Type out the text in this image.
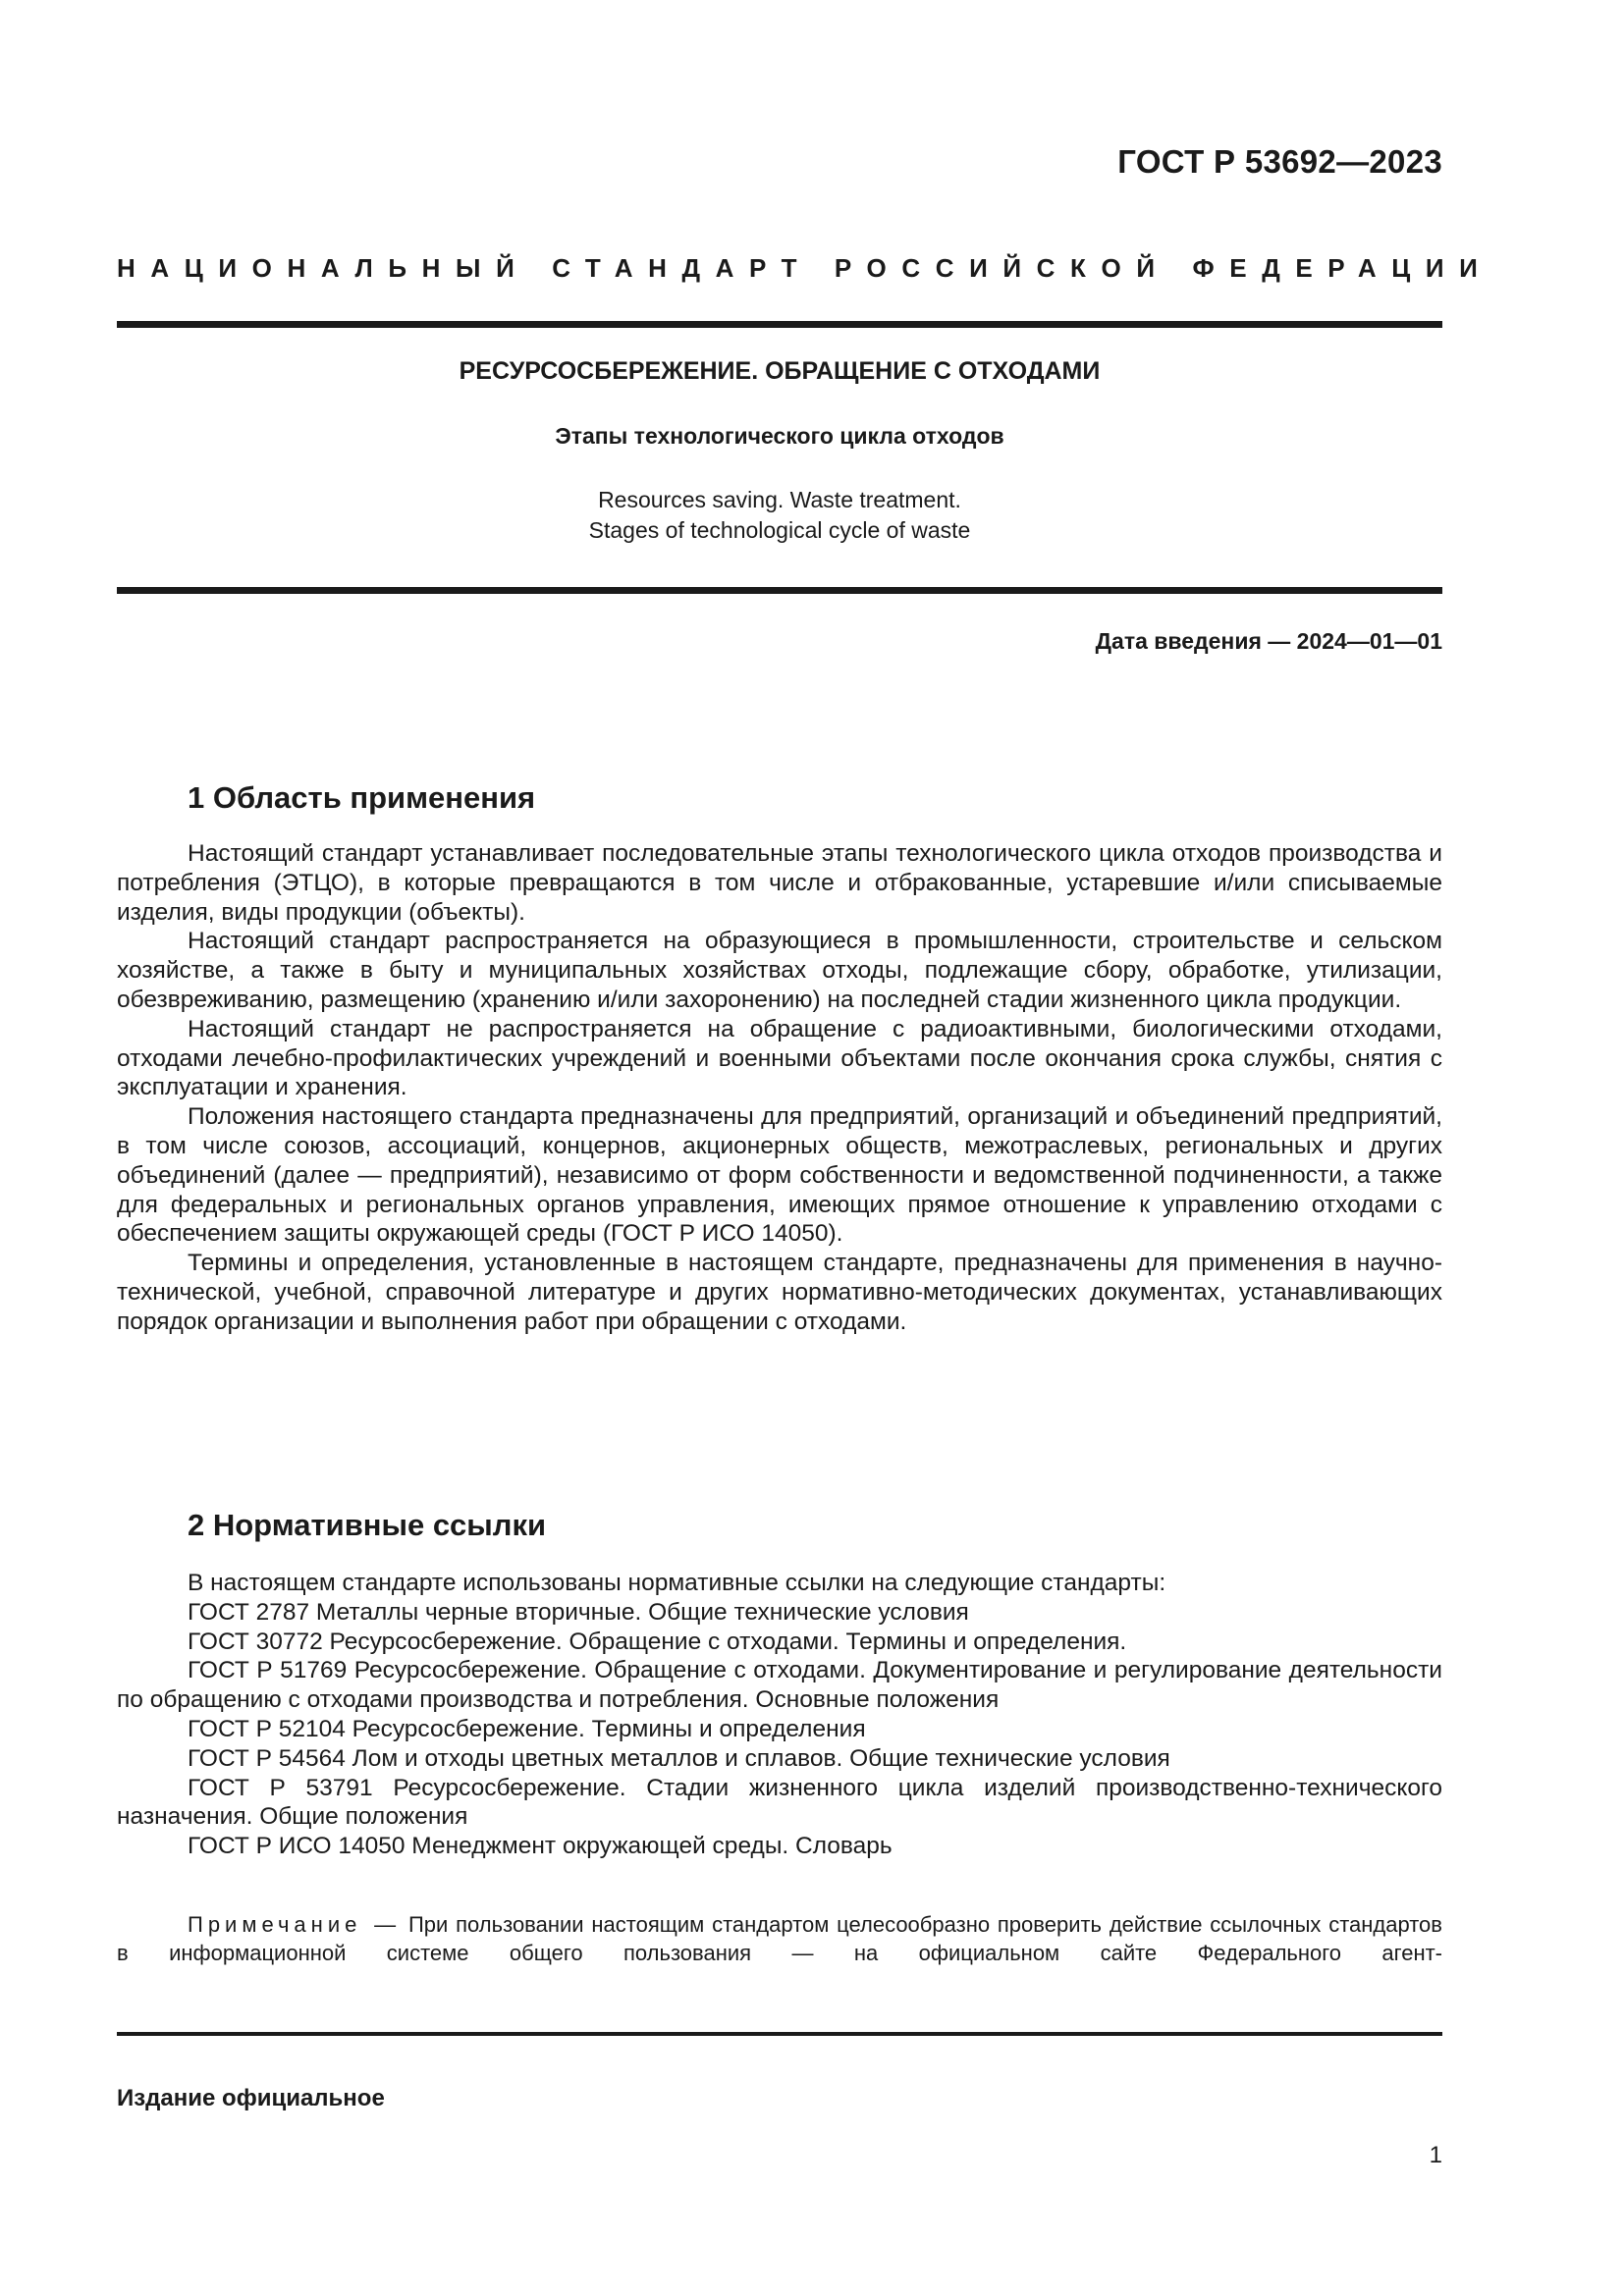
ГОСТ Р 53692—2023
НАЦИОНАЛЬНЫЙ СТАНДАРТ РОССИЙСКОЙ ФЕДЕРАЦИИ
РЕСУРСОСБЕРЕЖЕНИЕ. ОБРАЩЕНИЕ С ОТХОДАМИ
Этапы технологического цикла отходов
Resources saving. Waste treatment.
Stages of technological cycle of waste
Дата введения — 2024—01—01
1 Область применения

Настоящий стандарт устанавливает последовательные этапы технологического цикла отходов производства и потребления (ЭТЦО), в которые превращаются в том числе и отбракованные, устаревшие и/или списываемые изделия, виды продукции (объекты).

Настоящий стандарт распространяется на образующиеся в промышленности, строительстве и сельском хозяйстве, а также в быту и муниципальных хозяйствах отходы, подлежащие сбору, обработке, утилизации, обезвреживанию, размещению (хранению и/или захоронению) на последней стадии жизненного цикла продукции.

Настоящий стандарт не распространяется на обращение с радиоактивными, биологическими отходами, отходами лечебно-профилактических учреждений и военными объектами после окончания срока службы, снятия с эксплуатации и хранения.

Положения настоящего стандарта предназначены для предприятий, организаций и объединений предприятий, в том числе союзов, ассоциаций, концернов, акционерных обществ, межотраслевых, региональных и других объединений (далее — предприятий), независимо от форм собственности и ведомственной подчиненности, а также для федеральных и региональных органов управления, имеющих прямое отношение к управлению отходами с обеспечением защиты окружающей среды (ГОСТ Р ИСО 14050).

Термины и определения, установленные в настоящем стандарте, предназначены для применения в научно-технической, учебной, справочной литературе и других нормативно-методических документах, устанавливающих порядок организации и выполнения работ при обращении с отходами.

2 Нормативные ссылки

В настоящем стандарте использованы нормативные ссылки на следующие стандарты:

ГОСТ 2787 Металлы черные вторичные. Общие технические условия

ГОСТ 30772 Ресурсосбережение. Обращение с отходами. Термины и определения.

ГОСТ Р 51769 Ресурсосбережение. Обращение с отходами. Документирование и регулирование деятельности по обращению с отходами производства и потребления. Основные положения

ГОСТ Р 52104 Ресурсосбережение. Термины и определения

ГОСТ Р 54564 Лом и отходы цветных металлов и сплавов. Общие технические условия

ГОСТ Р 53791 Ресурсосбережение. Стадии жизненного цикла изделий производственно-технического назначения. Общие положения

ГОСТ Р ИСО 14050 Менеджмент окружающей среды. Словарь

Примечание — При пользовании настоящим стандартом целесообразно проверить действие ссылочных стандартов в информационной системе общего пользования — на официальном сайте Федерального агент-

Издание официальное
1
